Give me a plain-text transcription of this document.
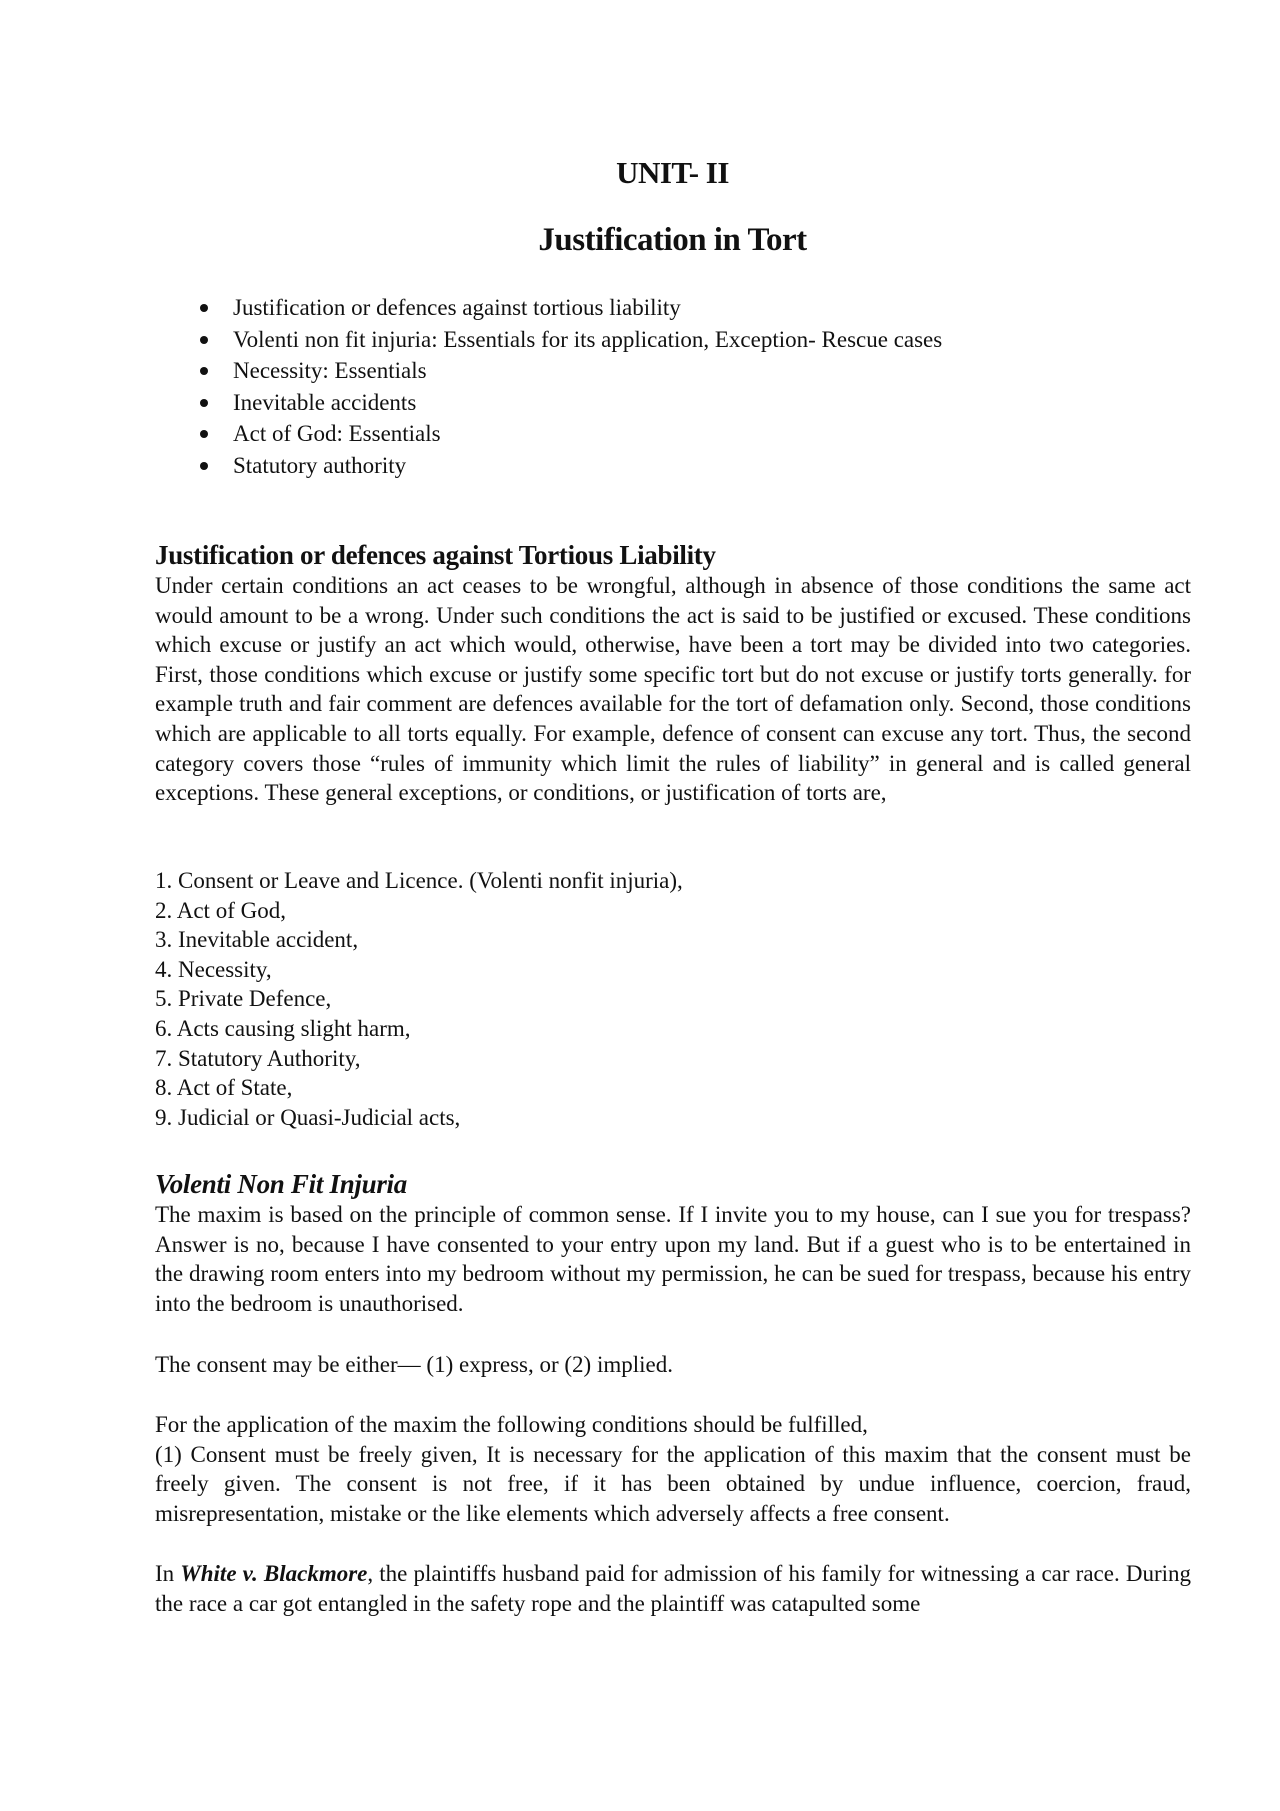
UNIT- II
Justification in Tort
Justification or defences against tortious liability
Volenti non fit injuria: Essentials for its application, Exception- Rescue cases
Necessity: Essentials
Inevitable accidents
Act of God: Essentials
Statutory authority
Justification or defences against Tortious Liability

Under certain conditions an act ceases to be wrongful, although in absence of those conditions the same act would amount to be a wrong. Under such conditions the act is said to be justified or excused. These conditions which excuse or justify an act which would, otherwise, have been a tort may be divided into two categories. First, those conditions which excuse or justify some specific tort but do not excuse or justify torts generally. for example truth and fair comment are defences available for the tort of defamation only. Second, those conditions which are applicable to all torts equally. For example, defence of consent can excuse any tort. Thus, the second category covers those “rules of immunity which limit the rules of liability” in general and is called general exceptions. These general exceptions, or conditions, or justification of torts are,

1. Consent or Leave and Licence. (Volenti nonfit injuria),
2. Act of God,
3. Inevitable accident,
4. Necessity,
5. Private Defence,
6. Acts causing slight harm,
7. Statutory Authority,
8. Act of State,
9. Judicial or Quasi-Judicial acts,
Volenti Non Fit Injuria

The maxim is based on the principle of common sense. If I invite you to my house, can I sue you for trespass? Answer is no, because I have consented to your entry upon my land. But if a guest who is to be entertained in the drawing room enters into my bedroom without my permission, he can be sued for trespass, because his entry into the bedroom is unauthorised.

The consent may be either— (1) express, or (2) implied.

For the application of the maxim the following conditions should be fulfilled,

(1) Consent must be freely given, It is necessary for the application of this maxim that the consent must be freely given. The consent is not free, if it has been obtained by undue influence, coercion, fraud, misrepresentation, mistake or the like elements which adversely affects a free consent.

In White v. Blackmore, the plaintiffs husband paid for admission of his family for witnessing a car race. During the race a car got entangled in the safety rope and the plaintiff was catapulted some
